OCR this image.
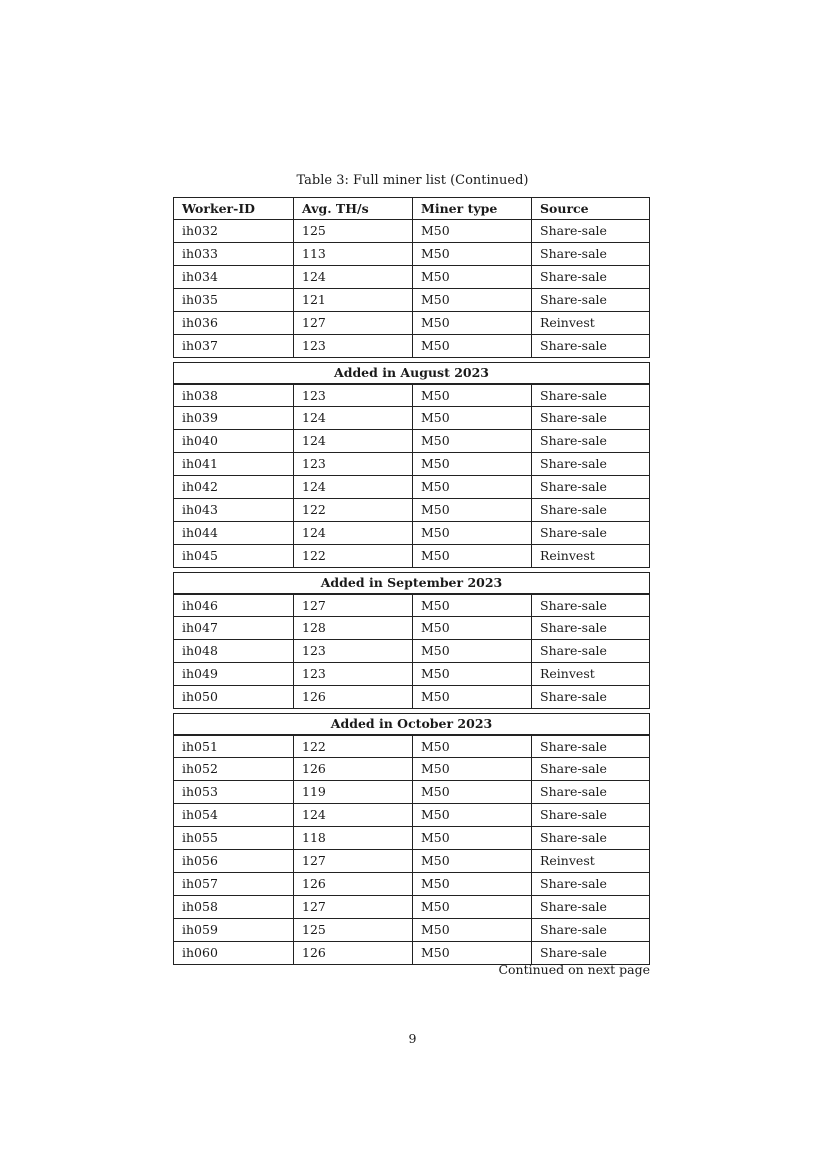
Table 3: Full miner list (Continued)
Worker-ID	Avg. TH/s	Miner type	Source
ih032	125	M50	Share-sale
ih033	113	M50	Share-sale
ih034	124	M50	Share-sale
ih035	121	M50	Share-sale
ih036	127	M50	Reinvest
ih037	123	M50	Share-sale
Added in August 2023
ih038	123	M50	Share-sale
ih039	124	M50	Share-sale
ih040	124	M50	Share-sale
ih041	123	M50	Share-sale
ih042	124	M50	Share-sale
ih043	122	M50	Share-sale
ih044	124	M50	Share-sale
ih045	122	M50	Reinvest
Added in September 2023
ih046	127	M50	Share-sale
ih047	128	M50	Share-sale
ih048	123	M50	Share-sale
ih049	123	M50	Reinvest
ih050	126	M50	Share-sale
Added in October 2023
ih051	122	M50	Share-sale
ih052	126	M50	Share-sale
ih053	119	M50	Share-sale
ih054	124	M50	Share-sale
ih055	118	M50	Share-sale
ih056	127	M50	Reinvest
ih057	126	M50	Share-sale
ih058	127	M50	Share-sale
ih059	125	M50	Share-sale
ih060	126	M50	Share-sale
Continued on next page
9
